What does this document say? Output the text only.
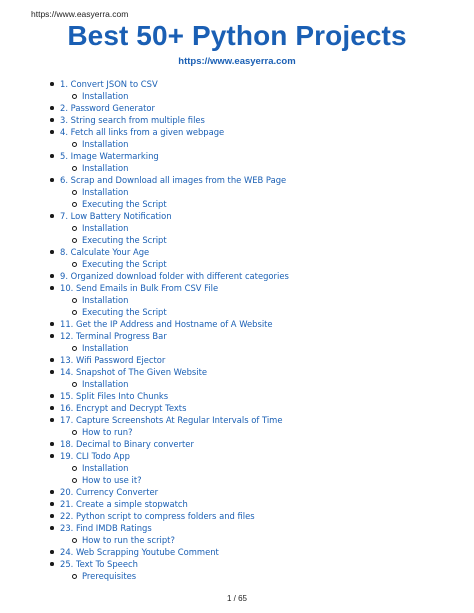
https://www.easyerra.com
Best 50+ Python Projects
https://www.easyerra.com
1. Convert JSON to CSV
Installation
2. Password Generator
3. String search from multiple files
4. Fetch all links from a given webpage
Installation
5. Image Watermarking
Installation
6. Scrap and Download all images from the WEB Page
Installation
Executing the Script
7. Low Battery Notification
Installation
Executing the Script
8. Calculate Your Age
Executing the Script
9. Organized download folder with different categories
10. Send Emails in Bulk From CSV File
Installation
Executing the Script
11. Get the IP Address and Hostname of A Website
12. Terminal Progress Bar
Installation
13. Wifi Password Ejector
14. Snapshot of The Given Website
Installation
15. Split Files Into Chunks
16. Encrypt and Decrypt Texts
17. Capture Screenshots At Regular Intervals of Time
How to run?
18. Decimal to Binary converter
19. CLI Todo App
Installation
How to use it?
20. Currency Converter
21. Create a simple stopwatch
22. Python script to compress folders and files
23. Find IMDB Ratings
How to run the script?
24. Web Scrapping Youtube Comment
25. Text To Speech
Prerequisites
1 / 65
